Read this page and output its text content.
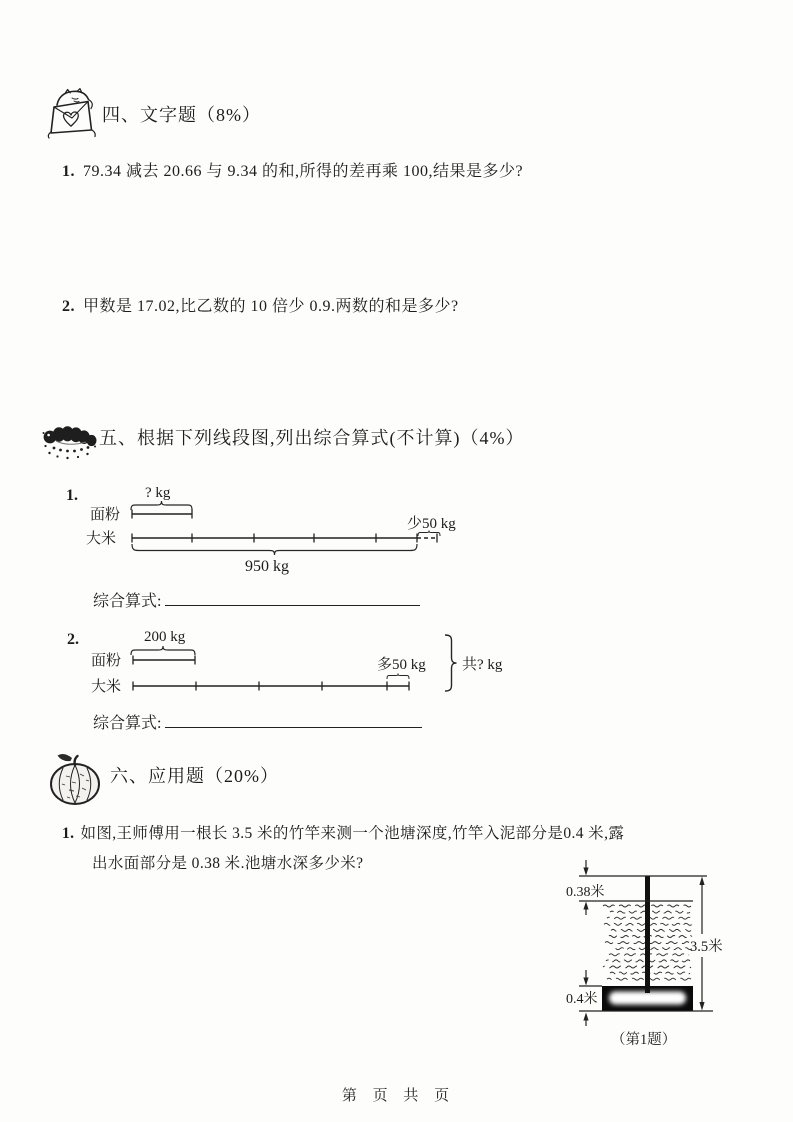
四、文字题（8%）
1. 79.34 减去 20.66 与 9.34 的和,所得的差再乘 100,结果是多少?
2. 甲数是 17.02,比乙数的 10 倍少 0.9.两数的和是多少?
五、根据下列线段图,列出综合算式(不计算)（4%）
1.	? kg
面粉
少50 kg
大米
950 kg
综合算式:
2.	200 kg
面粉	多50 kg
大米
共? kg
综合算式:
六、应用题（20%）
1. 如图,王师傅用一根长 3.5 米的竹竿来测一个池塘深度,竹竿入泥部分是0.4 米,露
出水面部分是 0.38 米.池塘水深多少米?
0.38米
0.4米
3.5米
（第1题）
第 页 共 页
